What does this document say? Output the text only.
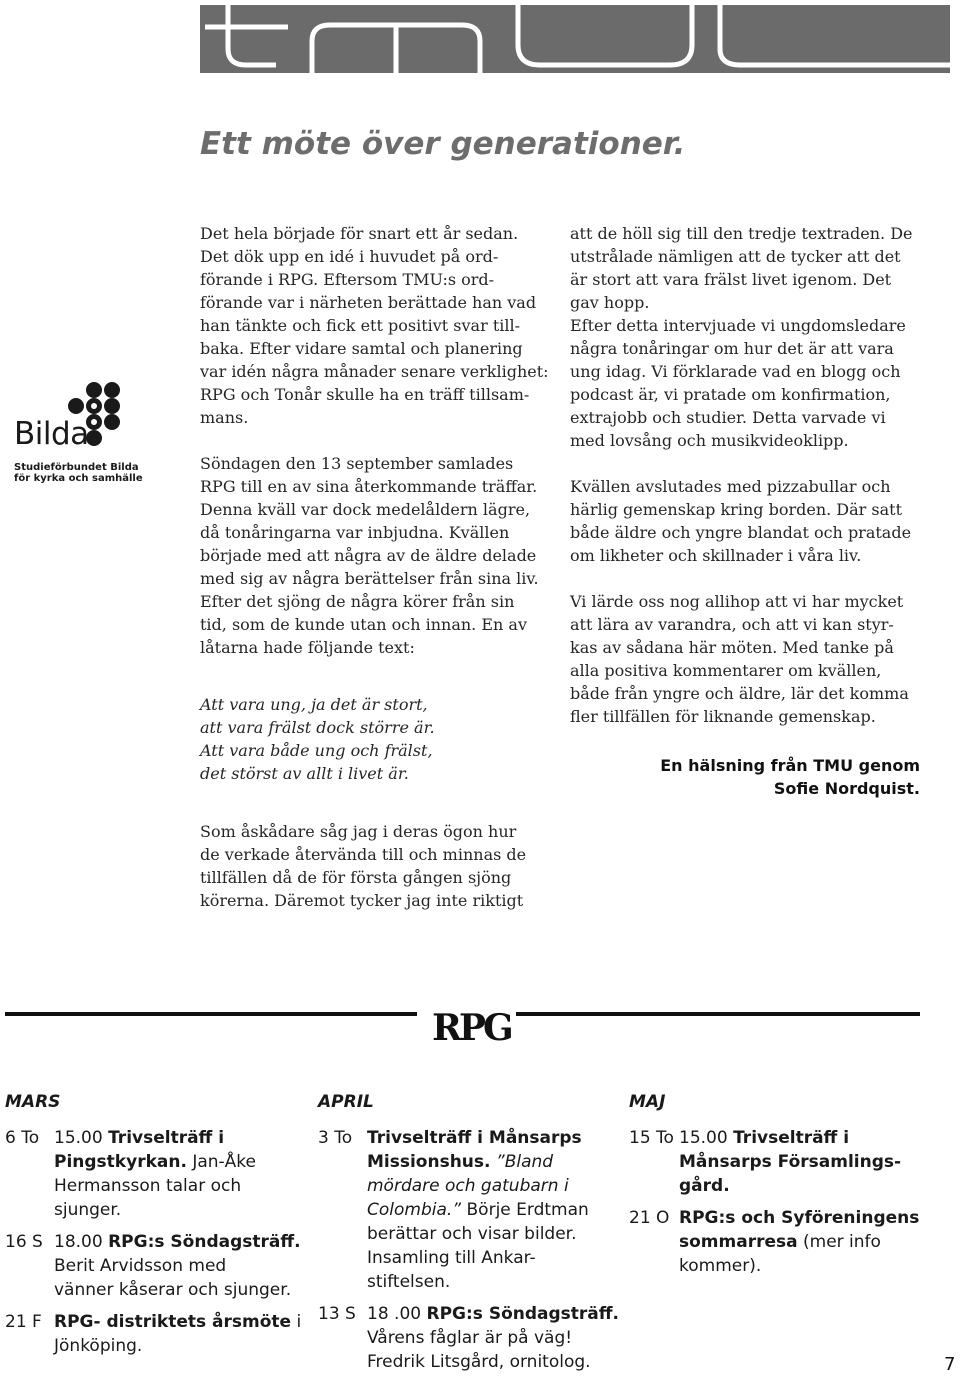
Ett möte över generationer.
Bilda
Studieförbundet Bilda
för kyrka och samhälle

Det hela började för snart ett år sedan.

Det dök upp en idé i huvudet på ord-

förande i RPG. Eftersom TMU:s ord-

förande var i närheten berättade han vad

han tänkte och fick ett positivt svar till-

baka. Efter vidare samtal och planering

var idén några månader senare verklighet:

RPG och Tonår skulle ha en träff tillsam-

mans.

Söndagen den 13 september samlades

RPG till en av sina återkommande träffar.

Denna kväll var dock medelåldern lägre,

då tonåringarna var inbjudna. Kvällen

började med att några av de äldre delade

med sig av några berättelser från sina liv.

Efter det sjöng de några körer från sin

tid, som de kunde utan och innan. En av

låtarna hade följande text:

Att vara ung, ja det är stort,

att vara frälst dock större är.

Att vara både ung och frälst,

det störst av allt i livet är.

Som åskådare såg jag i deras ögon hur

de verkade återvända till och minnas de

tillfällen då de för första gången sjöng

körerna. Däremot tycker jag inte riktigt

att de höll sig till den tredje textraden. De

utstrålade nämligen att de tycker att det

är stort att vara frälst livet igenom. Det

gav hopp.

Efter detta intervjuade vi ungdomsledare

några tonåringar om hur det är att vara

ung idag. Vi förklarade vad en blogg och

podcast är, vi pratade om konfirmation,

extrajobb och studier. Detta varvade vi

med lovsång och musikvideoklipp.

Kvällen avslutades med pizzabullar och

härlig gemenskap kring borden. Där satt

både äldre och yngre blandat och pratade

om likheter och skillnader i våra liv.

Vi lärde oss nog allihop att vi har mycket

att lära av varandra, och att vi kan styr-

kas av sådana här möten. Med tanke på

alla positiva kommentarer om kvällen,

både från yngre och äldre, lär det komma

fler tillfällen för liknande gemenskap.

En hälsning från TMU genom
Sofie Nordquist.
RPG
MARS
6 To 15.00 Trivselträff i
Pingstkyrkan. Jan-Åke
Hermansson talar och
sjunger.
16 S 18.00 RPG:s Söndagsträff.
Berit Arvidsson med
vänner kåserar och sjunger.
21 F RPG- distriktets årsmöte i
Jönköping.
APRIL
3 To Trivselträff i Månsarps
Missionshus. ”Bland
mördare och gatubarn i
Colombia.” Börje Erdtman
berättar och visar bilder.
Insamling till Ankar-
stiftelsen.
13 S 18 .00 RPG:s Söndagsträff.
Vårens fåglar är på väg!
Fredrik Litsgård, ornitolog.
MAJ
15 To 15.00 Trivselträff i
Månsarps Församlings-
gård.
21 O RPG:s och Syföreningens
sommarresa (mer info
kommer).
7
